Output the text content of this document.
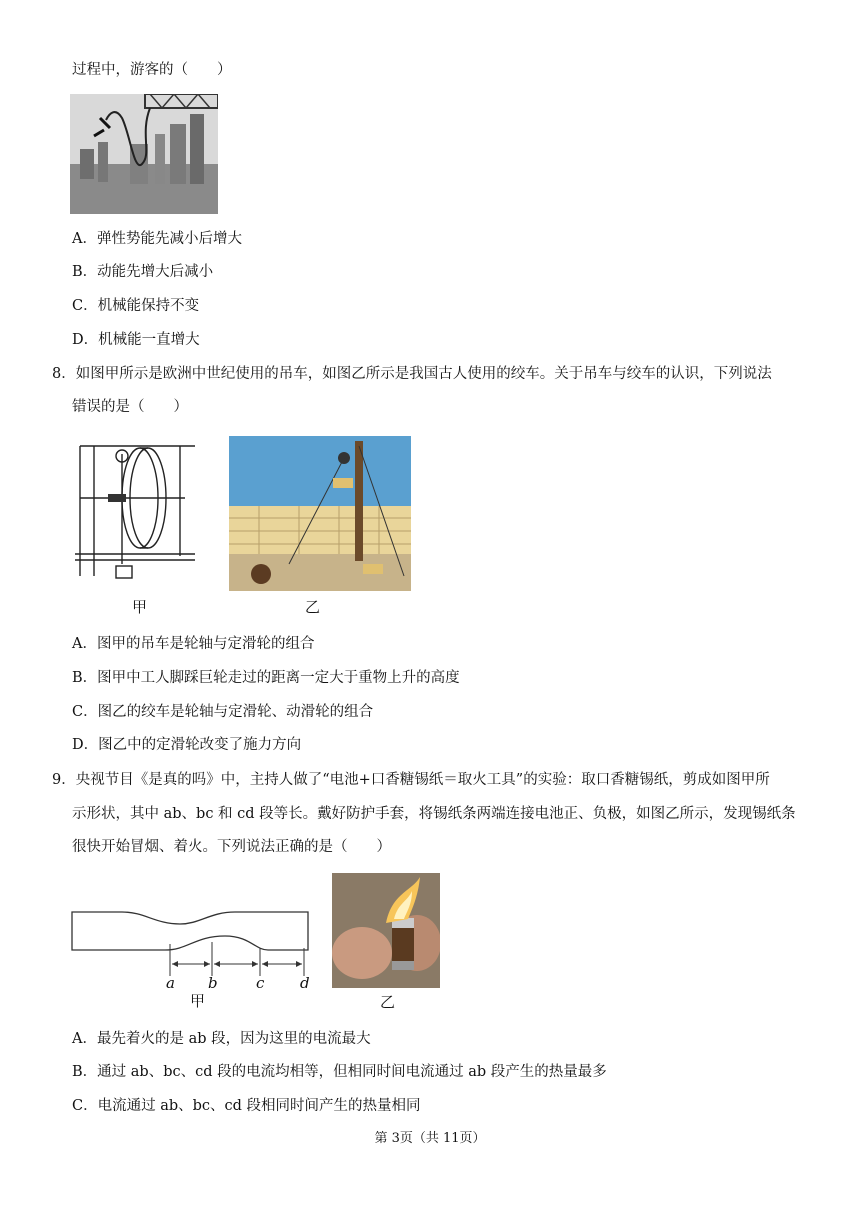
过程中，游客的（　　）
A．弹性势能先减小后增大
B．动能先增大后减小
C．机械能保持不变
D．机械能一直增大
8．如图甲所示是欧洲中世纪使用的吊车，如图乙所示是我国古人使用的绞车。关于吊车与绞车的认识，下列说法
错误的是（　　）
甲	乙
A．图甲的吊车是轮轴与定滑轮的组合
B．图甲中工人脚踩巨轮走过的距离一定大于重物上升的高度
C．图乙的绞车是轮轴与定滑轮、动滑轮的组合
D．图乙中的定滑轮改变了施力方向
9．央视节目《是真的吗》中，主持人做了“电池+口香糖锡纸＝取火工具”的实验：取口香糖锡纸，剪成如图甲所
示形状，其中 ab、bc 和 cd 段等长。戴好防护手套，将锡纸条两端连接电池正、负极，如图乙所示，发现锡纸条
很快开始冒烟、着火。下列说法正确的是（　　）
a b	c d
甲	乙
A．最先着火的是 ab 段，因为这里的电流最大
B．通过 ab、bc、cd 段的电流均相等，但相同时间电流通过 ab 段产生的热量最多
C．电流通过 ab、bc、cd 段相同时间产生的热量相同
第 3页（共 11页）
